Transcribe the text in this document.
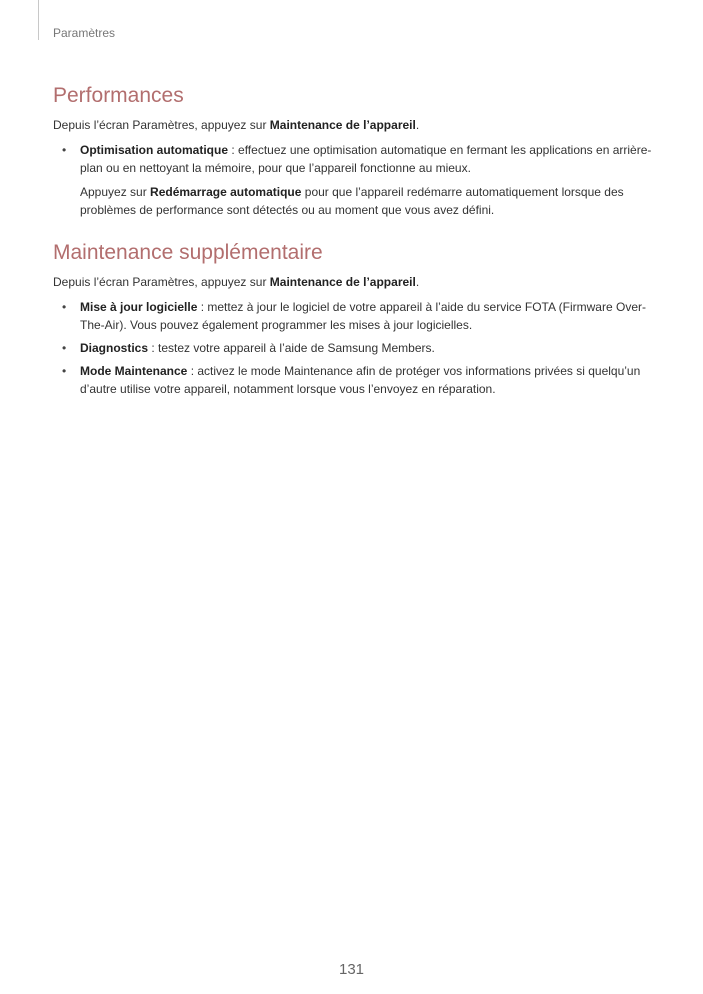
Paramètres
Performances

Depuis l’écran Paramètres, appuyez sur Maintenance de l’appareil.

• Optimisation automatique : effectuez une optimisation automatique en fermant les applications en arrière-plan ou en nettoyant la mémoire, pour que l’appareil fonctionne au mieux.

Appuyez sur Redémarrage automatique pour que l’appareil redémarre automatiquement lorsque des problèmes de performance sont détectés ou au moment que vous avez défini.

Maintenance supplémentaire

Depuis l’écran Paramètres, appuyez sur Maintenance de l’appareil.

• Mise à jour logicielle : mettez à jour le logiciel de votre appareil à l’aide du service FOTA (Firmware Over-The-Air). Vous pouvez également programmer les mises à jour logicielles.
• Diagnostics : testez votre appareil à l’aide de Samsung Members.
• Mode Maintenance : activez le mode Maintenance afin de protéger vos informations privées si quelqu’un d’autre utilise votre appareil, notamment lorsque vous l’envoyez en réparation.
131
